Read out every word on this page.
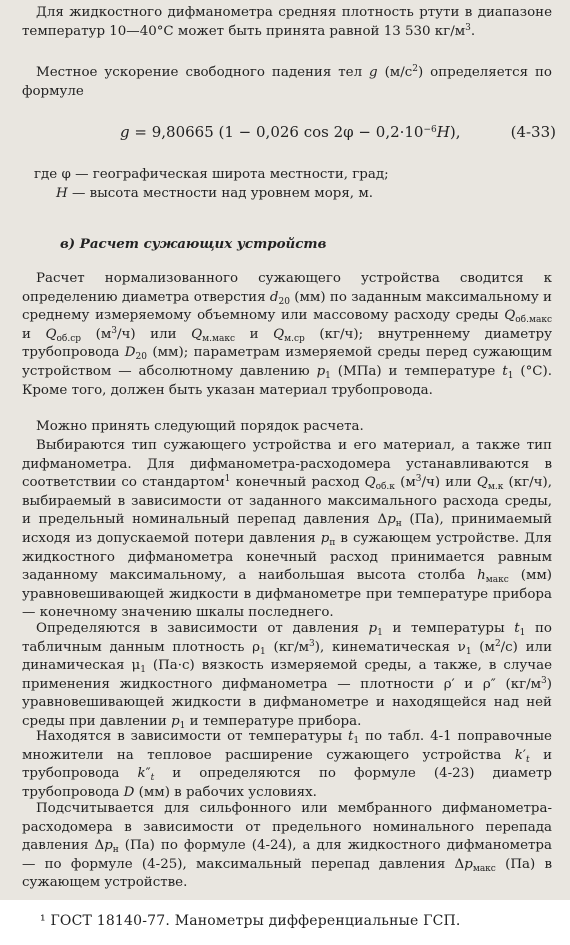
Для жидкостного дифманометра средняя плотность ртути в диапазоне температур 10—40°С может быть принята равной 13 530 $кг/м^3$.

Местное ускорение свободного падения тел g $(м/с^2)$ определяется по формуле

g = 9,80665 (1 − 0,026 $\cos 2\varphi - 0,2\cdot 10^{-6}H$),	(4-33)
где φ — географическая широта местности, град;
H — высота местности над уровнем моря, м.
в) Расчет сужающих устройств

Расчет нормализованного сужающего устройства сводится к определению диаметра отверстия $d_{20}$ (мм) по заданным максимальному и среднему измеряемому объемному или массовому расходу среды $Q_{об.макс}$ и $Q_{об.ср}$ $(м^3/ч)$ или $Q_{м.макс}$ и $Q_{м.ср}$ (кг/ч); внутреннему диаметру трубопровода $D_{20}$ (мм); параметрам измеряемой среды перед сужающим устройством — абсолютному давлению $p_1$ (МПа) и температуре $t_1$ (°С). Кроме того, должен быть указан материал трубопровода.

Можно принять следующий порядок расчета.

Выбираются тип сужающего устройства и его материал, а также тип дифманометра. Для дифманометра-расходомера устанавливаются в соответствии со стандартом$^1$ конечный расход $Q_{об.к}$ $(м^3/ч)$ или $Q_{м.к}$ (кг/ч), выбираемый в зависимости от заданного максимального расхода среды, и предельный номинальный перепад давления $\Delta p_н$ (Па), принимаемый исходя из допускаемой потери давления $p_п$ в сужающем устройстве. Для жидкостного дифманометра конечный расход принимается равным заданному максимальному, а наибольшая высота столба $h_{макс}$ (мм) уравновешивающей жидкости в дифманометре при температуре прибора — конечному значению шкалы последнего.

Определяются в зависимости от давления $p_1$ и температуры $t_1$ по табличным данным плотность $\rho_1$ $(кг/м^3)$, кинематическая $\nu_1$ $(м^2/с)$ или динамическая $\mu_1$ (Па·с) вязкость измеряемой среды, а также, в случае применения жидкостного дифманометра — плотности ρ′ и ρ″ $(кг/м^3)$ уравновешивающей жидкости в дифманометре и находящейся над ней среды при давлении $p_1$ и температуре прибора.

Находятся в зависимости от температуры $t_1$ по табл. 4-1 поправочные множители на тепловое расширение сужающего устройства $k'_t$ и трубопровода $k''_t$ и определяются по формуле (4-23) диаметр трубопровода D (мм) в рабочих условиях.

Подсчитывается для сильфонного или мембранного дифманометра-расходомера в зависимости от предельного номинального перепада давления $\Delta p_н$ (Па) по формуле (4-24), а для жидкостного дифманометра — по формуле (4-25), максимальный перепад давления $\Delta p_{макс}$ (Па) в сужающем устройстве.

¹ ГОСТ 18140-77. Манометры дифференциальные ГСП.
